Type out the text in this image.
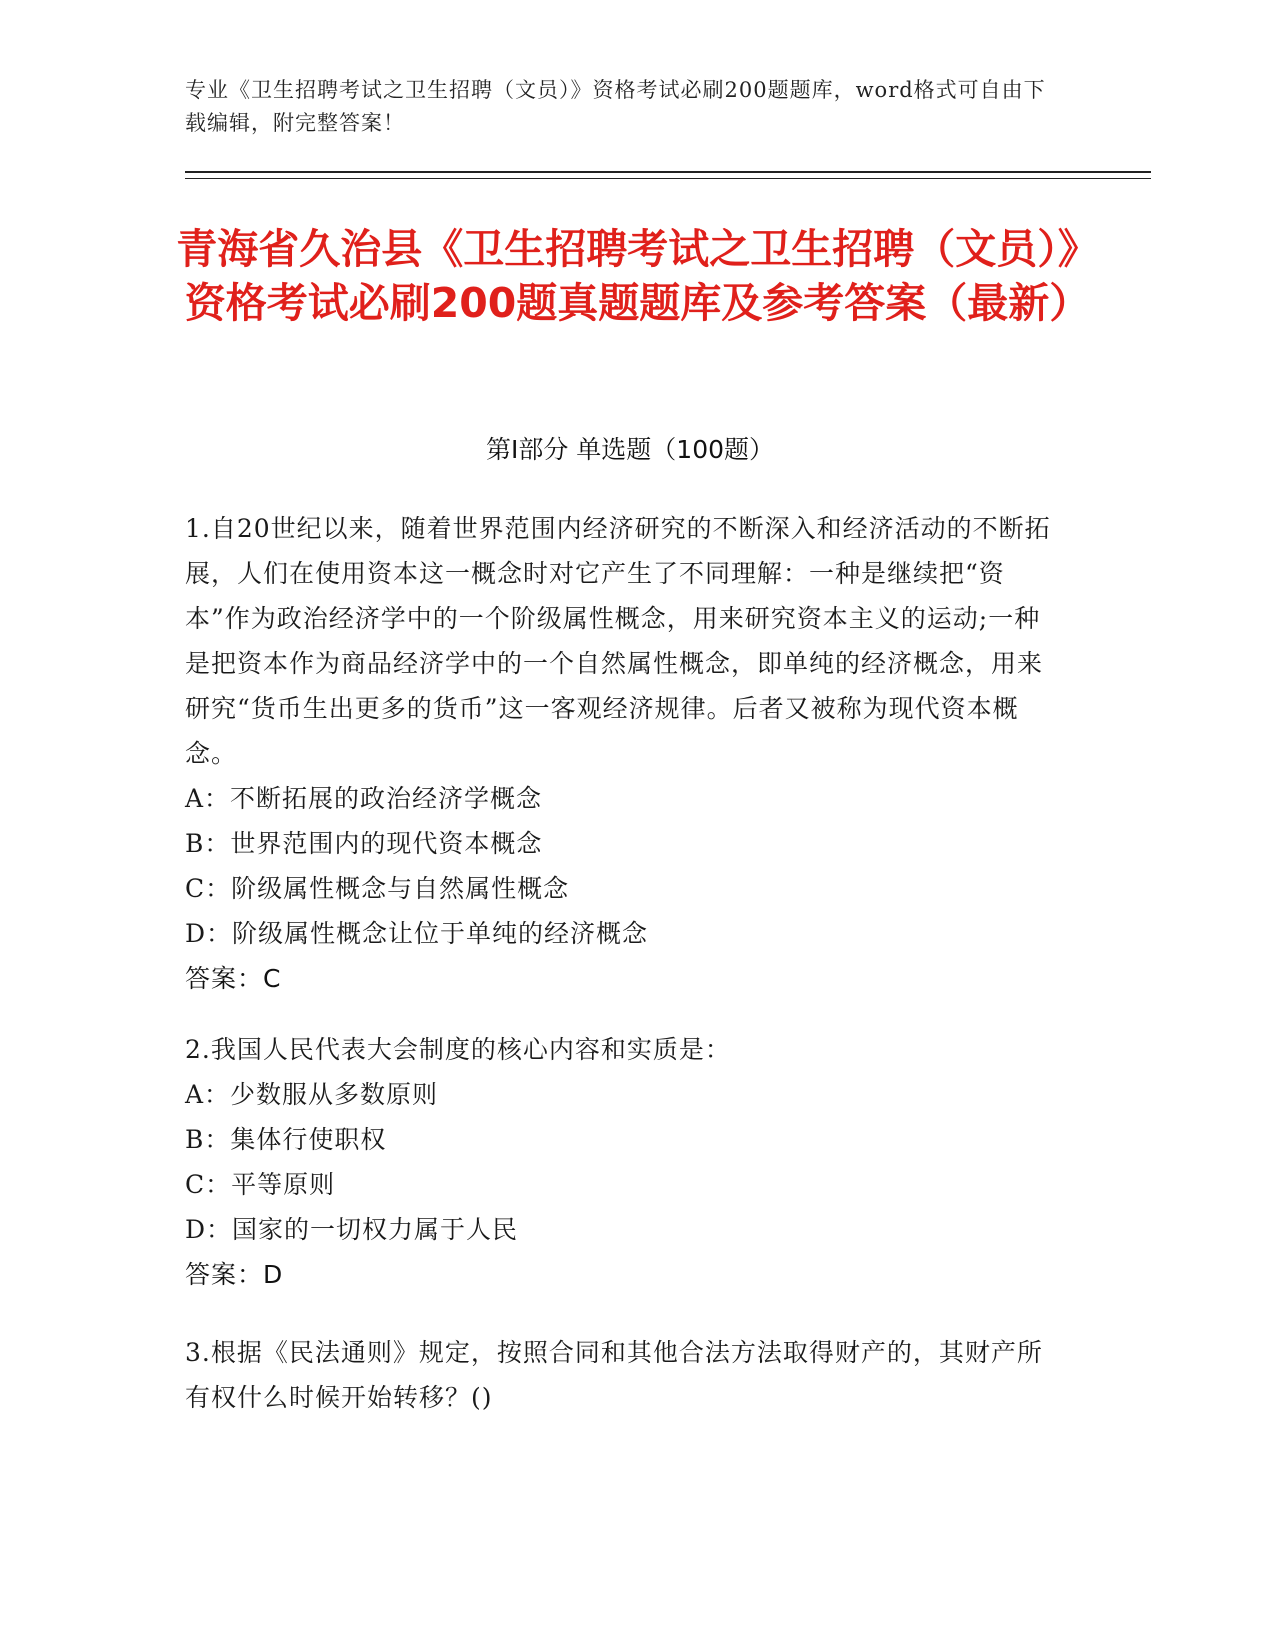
专业《卫生招聘考试之卫生招聘（文员）》资格考试必刷200题题库，word格式可自由下载编辑，附完整答案！
青海省久治县《卫生招聘考试之卫生招聘（文员）》资格考试必刷200题真题题库及参考答案（最新）
第Ⅰ部分 单选题（100题）
1.自20世纪以来，随着世界范围内经济研究的不断深入和经济活动的不断拓展，人们在使用资本这一概念时对它产生了不同理解：一种是继续把“资本”作为政治经济学中的一个阶级属性概念，用来研究资本主义的运动;一种是把资本作为商品经济学中的一个自然属性概念，即单纯的经济概念，用来研究“货币生出更多的货币”这一客观经济规律。后者又被称为现代资本概念。
A：不断拓展的政治经济学概念
B：世界范围内的现代资本概念
C：阶级属性概念与自然属性概念
D：阶级属性概念让位于单纯的经济概念
答案：C
2.我国人民代表大会制度的核心内容和实质是：
A：少数服从多数原则
B：集体行使职权
C：平等原则
D：国家的一切权力属于人民
答案：D
3.根据《民法通则》规定，按照合同和其他合法方法取得财产的，其财产所有权什么时候开始转移？()
